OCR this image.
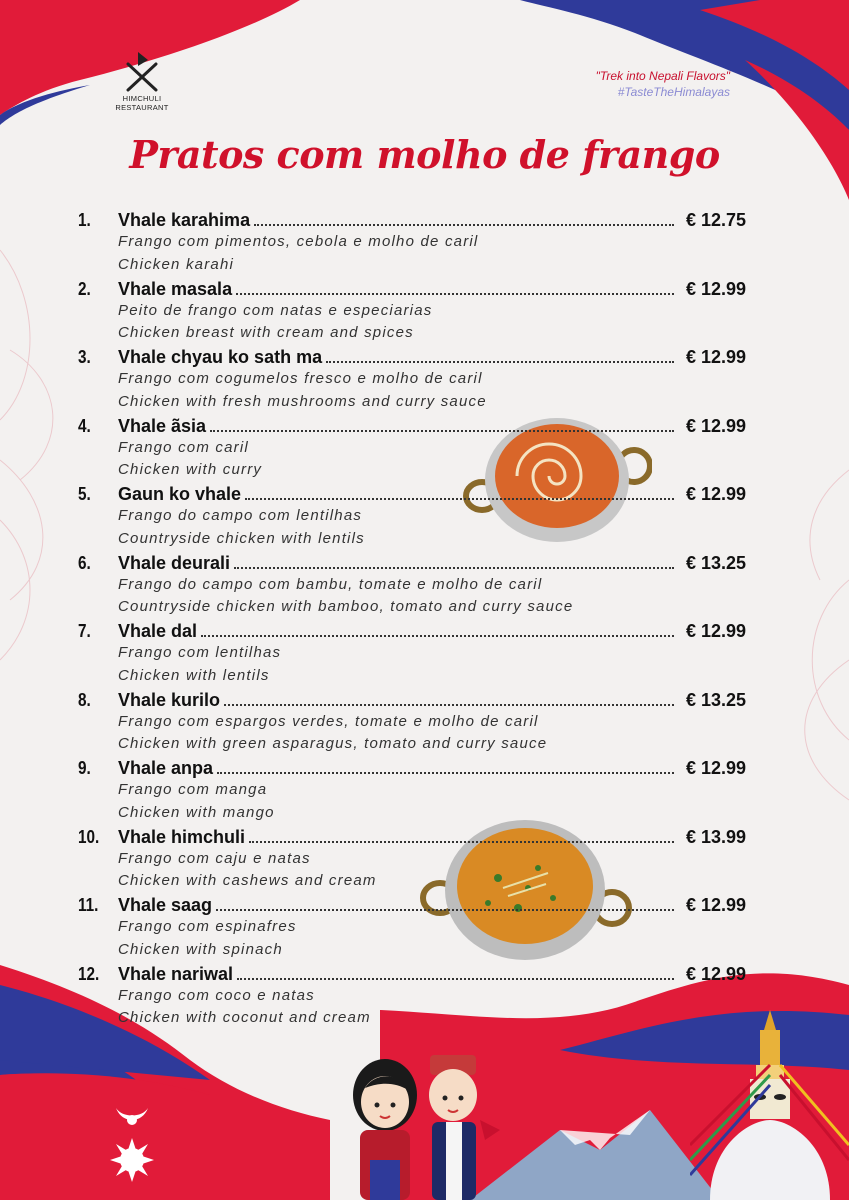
HIMCHULI
RESTAURANT
"Trek into Nepali Flavors"
#TasteTheHimalayas
Pratos com molho de frango
1.	Vhale karahima	€ 12.75
Frango com pimentos, cebola e molho de caril
Chicken karahi
2.	Vhale masala	€ 12.99
Peito de frango com natas e especiarias
Chicken breast with cream and spices
3.	Vhale chyau ko sath ma	€ 12.99
Frango com cogumelos fresco e molho de caril
Chicken with fresh mushrooms and curry sauce
4.	Vhale ãsia	€ 12.99
Frango com caril
Chicken with curry
5.	Gaun ko vhale	€ 12.99
Frango do campo com lentilhas
Countryside chicken with lentils
6.	Vhale deurali	€ 13.25
Frango do campo com bambu, tomate e molho de caril
Countryside chicken with bamboo, tomato and curry sauce
7.	Vhale dal	€ 12.99
Frango com lentilhas
Chicken with lentils
8.	Vhale kurilo	€ 13.25
Frango com espargos verdes, tomate e molho de caril
Chicken with green asparagus, tomato and curry sauce
9.	Vhale anpa	€ 12.99
Frango com manga
Chicken with mango
10.	Vhale himchuli	€ 13.99
Frango com caju e natas
Chicken with cashews and cream
11.	Vhale saag	€ 12.99
Frango com espinafres
Chicken with spinach
12.	Vhale nariwal	€ 12.99
Frango com coco e natas
Chicken with coconut and cream
